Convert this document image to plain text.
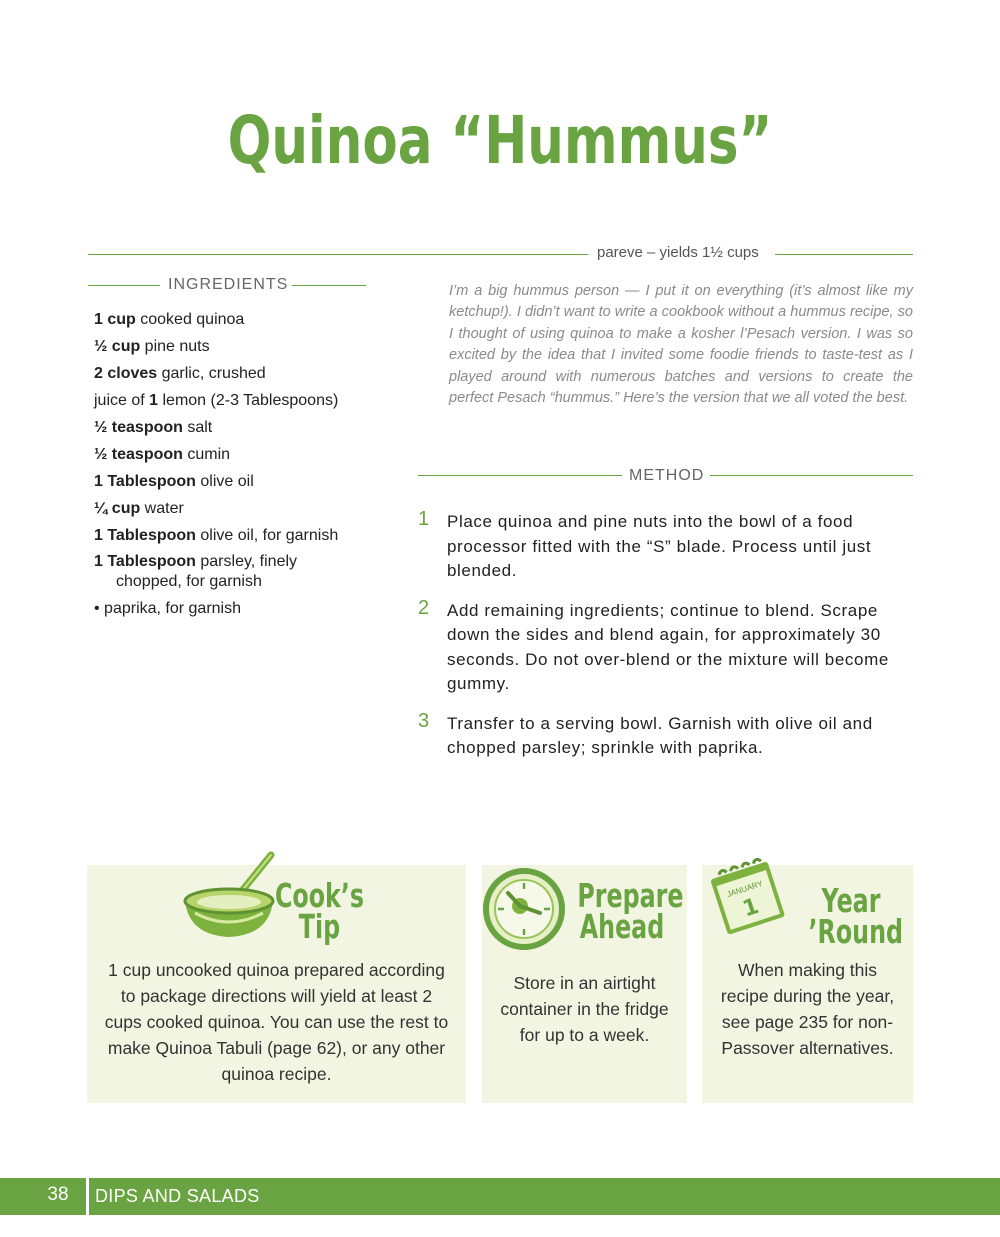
Quinoa “Hummus”
pareve – yields 1½ cups
INGREDIENTS
1 cup cooked quinoa
½ cup pine nuts
2 cloves garlic, crushed
juice of 1 lemon (2-3 Tablespoons)
½ teaspoon salt
½ teaspoon cumin
1 Tablespoon olive oil
¼ cup water
1 Tablespoon olive oil, for garnish
1 Tablespoon parsley, finely
chopped, for garnish
• paprika, for garnish

I’m a big hummus person — I put it on everything (it’s almost like my ketchup!). I didn’t want to write a cookbook without a hummus recipe, so I thought of using quinoa to make a kosher l’Pesach version. I was so excited by the idea that I invited some foodie friends to taste-test as I played around with numerous batches and versions to create the perfect Pesach “hummus.” Here’s the version that we all voted the best.

METHOD
1 Place quinoa and pine nuts into the bowl of a food processor fitted with the “S” blade. Process until just blended.
2 Add remaining ingredients; continue to blend. Scrape down the sides and blend again, for approximately 30 seconds. Do not over-blend or the mixture will become gummy.
3 Transfer to a serving bowl. Garnish with olive oil and chopped parsley; sprinkle with paprika.
Cook’s
Tip
1 cup uncooked quinoa prepared according to package directions will yield at least 2 cups cooked quinoa. You can use the rest to make Quinoa Tabuli (page 62), or any other quinoa recipe.
Prepare
Ahead
Store in an airtight container in the fridge for up to a week.
JANUARY
1	Year
’Round
When making this recipe during the year, see page 235 for non-Passover alternatives.
38	DIPS AND SALADS
